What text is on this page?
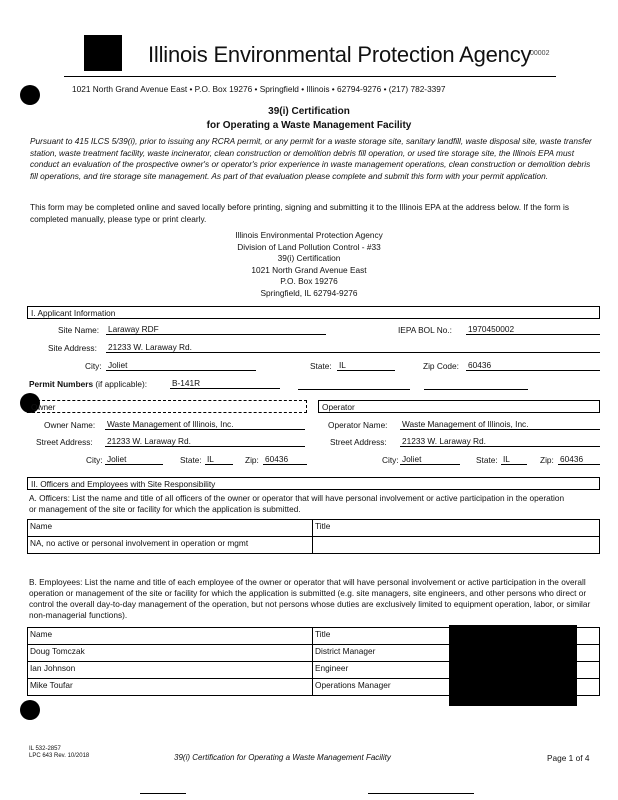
Illinois Environmental Protection Agency
00002
1021 North Grand Avenue East • P.O. Box 19276 • Springfield • Illinois • 62794-9276 • (217) 782-3397
39(i) Certification
for Operating a Waste Management Facility
Pursuant to 415 ILCS 5/39(i), prior to issuing any RCRA permit, or any permit for a waste storage site, sanitary landfill, waste disposal site, waste transfer station, waste treatment facility, waste incinerator, clean construction or demolition debris fill operation, or used tire storage site, the Illinois EPA must conduct an evaluation of the prospective owner's or operator's prior experience in waste management operations, clean construction or demolition debris fill operations, and tire storage site management. As part of that evaluation please complete and submit this form with your permit application.
This form may be completed online and saved locally before printing, signing and submitting it to the Illinois EPA at the address below. If the form is completed manually, please type or print clearly.
Illinois Environmental Protection Agency
Division of Land Pollution Control - #33
39(i) Certification
1021 North Grand Avenue East
P.O. Box 19276
Springfield, IL 62794-9276
I. Applicant Information
Site Name: Laraway RDF	IEPA BOL No.: 1970450002
Site Address: 21233 W. Laraway Rd.
City: Joliet	State: IL	Zip Code: 60436
Permit Numbers (if applicable):	B-141R
Owner	Operator
Owner Name: Waste Management of Illinois, Inc.	Operator Name: Waste Management of Illinois, Inc.
Street Address: 21233 W. Laraway Rd.	Street Address: 21233 W. Laraway Rd.
City: Joliet	State: IL	Zip: 60436	City: Joliet	State: IL	Zip: 60436
II. Officers and Employees with Site Responsibility
A. Officers: List the name and title of all officers of the owner or operator that will have personal involvement or active participation in the operation or management of the site or facility for which the application is submitted.
Name	Title
NA, no active or personal involvement in operation or mgmt	
B. Employees: List the name and title of each employee of the owner or operator that will have personal involvement or active participation in the overall operation or management of the site or facility for which the application is submitted (e.g. site managers, site engineers, and other persons who direct or control the overall day-to-day management of the operation, but not persons whose duties are exclusively limited to equipment operation, labor, or similar non-managerial functions).
Name	Title
Doug Tomczak	District Manager
Ian Johnson	Engineer
Mike Toufar	Operations Manager
IL 532-2857
LPC 643 Rev. 10/2018	39(i) Certification for Operating a Waste Management Facility	Page 1 of 4
